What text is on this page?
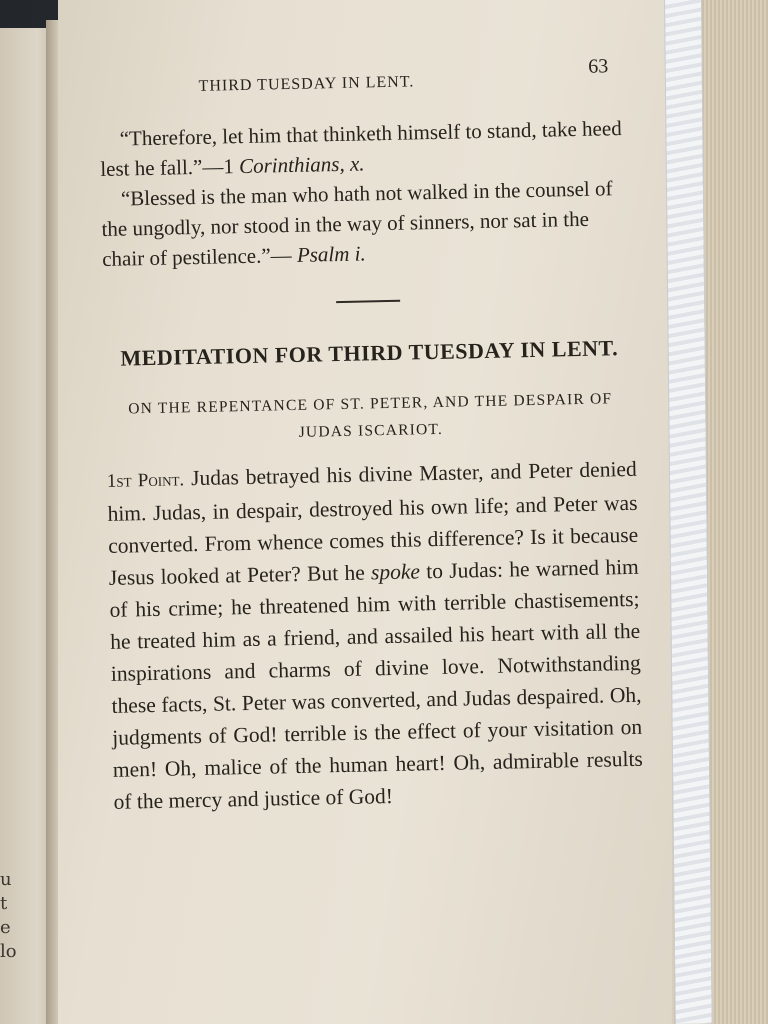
u
t
e
lo
THIRD TUESDAY IN LENT.
63

“Therefore, let him that thinketh himself to stand, take heed lest he fall.”—1 Corinthians, x.

“Blessed is the man who hath not walked in the counsel of the ungodly, nor stood in the way of sinners, nor sat in the chair of pestilence.”— Psalm i.

MEDITATION FOR THIRD TUESDAY IN LENT.
ON THE REPENTANCE OF ST. PETER, AND THE DESPAIR OF JUDAS ISCARIOT.

1st Point. Judas betrayed his divine Master, and Peter denied him. Judas, in despair, destroyed his own life; and Peter was converted. From whence comes this difference? Is it because Jesus looked at Peter? But he spoke to Judas: he warned him of his crime; he threatened him with terrible chastisements; he treated him as a friend, and assailed his heart with all the inspirations and charms of divine love. Notwithstanding these facts, St. Peter was converted, and Judas despaired. Oh, judgments of God! terrible is the effect of your visitation on men! Oh, malice of the human heart! Oh, admirable results of the mercy and justice of God!
